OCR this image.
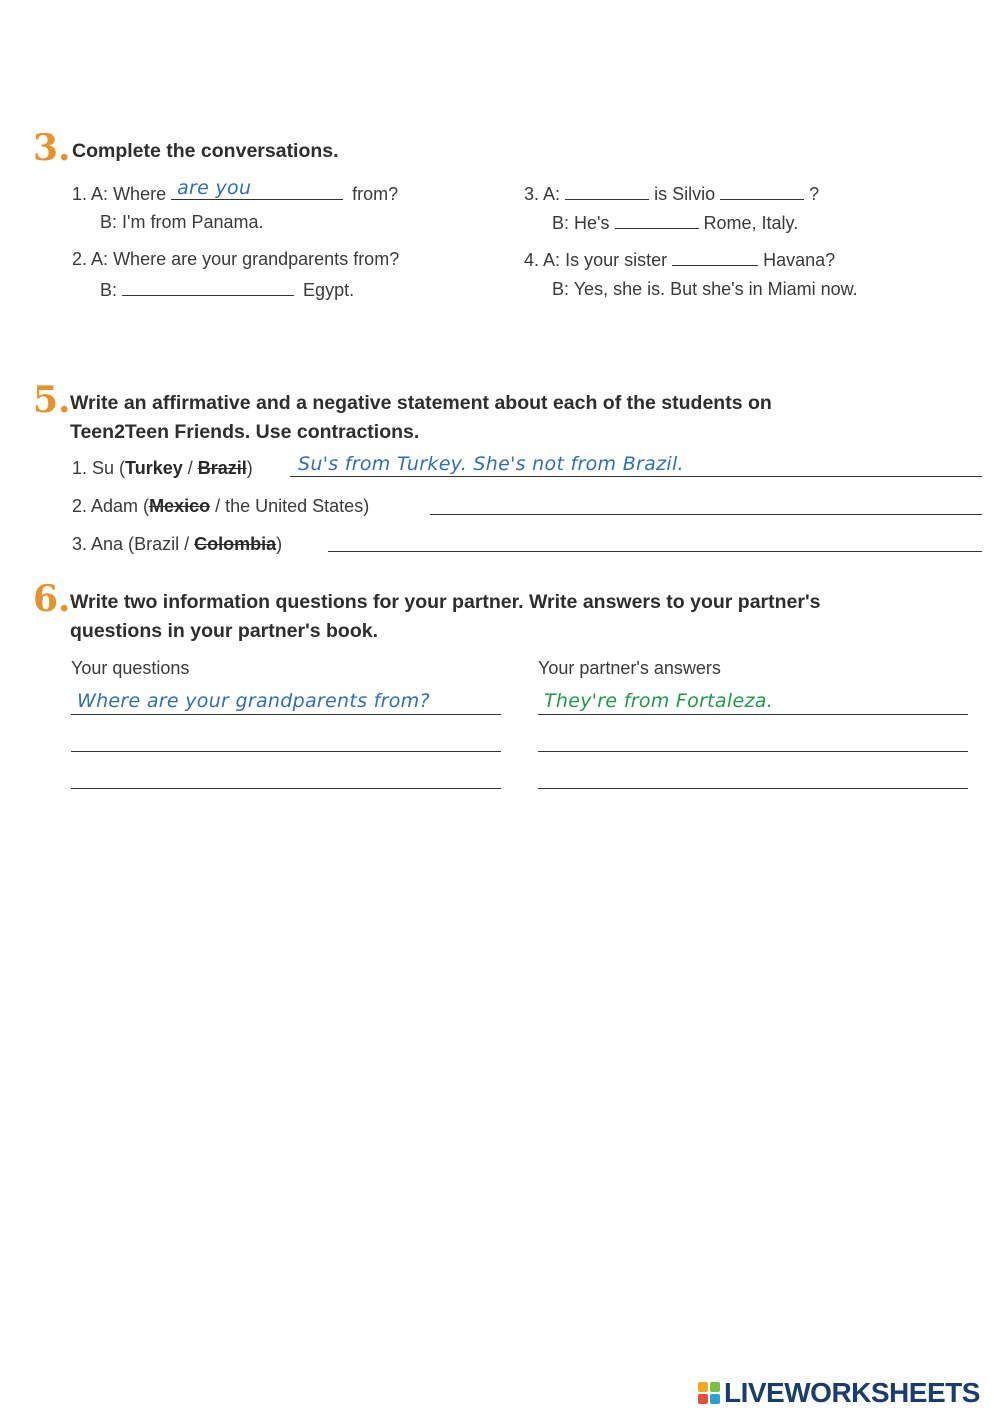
3. Complete the conversations.
1. A: Where are you	from?
B: I'm from Panama.
2. A: Where are your grandparents from?
B:	Egypt.
3. A:	is Silvio	?
B: He's	Rome, Italy.
4. A: Is your sister	Havana?
B: Yes, she is. But she's in Miami now.
5. Write an affirmative and a negative statement about each of the students on
Teen2Teen Friends. Use contractions.
1. Su (Turkey / Brazil) Su's from Turkey. She's not from Brazil.
2. Adam (Mexico / the United States)
3. Ana (Brazil / Colombia)
6. Write two information questions for your partner. Write answers to your partner's
questions in your partner's book.
Your questions	Your partner's answers
Where are your grandparents from?	They're from Fortaleza.
LIVEWORKSHEETS
